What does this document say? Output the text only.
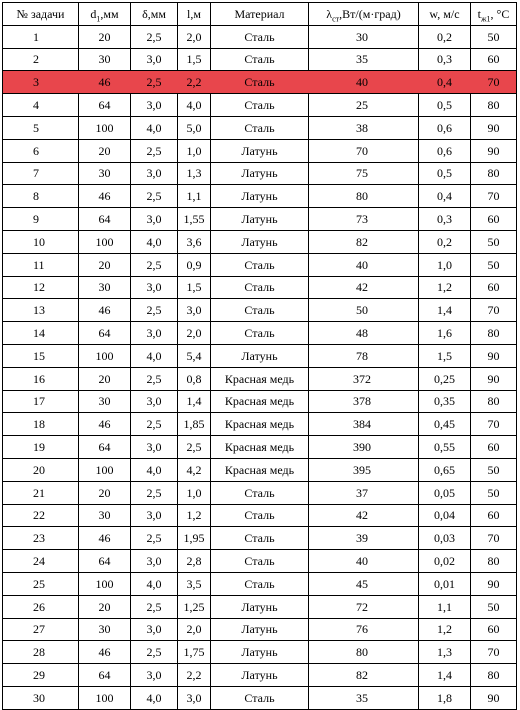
№ задачи	$d_1,мм$	δ,мм	l,м	Материал	$\lambda_{ст},Вт/(м\cdot град)$	w, м/с	$t_{ж1}$, °С
1	20	2,5	2,0	Сталь	30	0,2	50
2	30	3,0	1,5	Сталь	35	0,3	60
3	46	2,5	2,2	Сталь	40	0,4	70
4	64	3,0	4,0	Сталь	25	0,5	80
5	100	4,0	5,0	Сталь	38	0,6	90
6	20	2,5	1,0	Латунь	70	0,6	90
7	30	3,0	1,3	Латунь	75	0,5	80
8	46	2,5	1,1	Латунь	80	0,4	70
9	64	3,0	1,55	Латунь	73	0,3	60
10	100	4,0	3,6	Латунь	82	0,2	50
11	20	2,5	0,9	Сталь	40	1,0	50
12	30	3,0	1,5	Сталь	42	1,2	60
13	46	2,5	3,0	Сталь	50	1,4	70
14	64	3,0	2,0	Сталь	48	1,6	80
15	100	4,0	5,4	Латунь	78	1,5	90
16	20	2,5	0,8	Красная медь	372	0,25	90
17	30	3,0	1,4	Красная медь	378	0,35	80
18	46	2,5	1,85	Красная медь	384	0,45	70
19	64	3,0	2,5	Красная медь	390	0,55	60
20	100	4,0	4,2	Красная медь	395	0,65	50
21	20	2,5	1,0	Сталь	37	0,05	50
22	30	3,0	1,2	Сталь	42	0,04	60
23	46	2,5	1,95	Сталь	39	0,03	70
24	64	3,0	2,8	Сталь	40	0,02	80
25	100	4,0	3,5	Сталь	45	0,01	90
26	20	2,5	1,25	Латунь	72	1,1	50
27	30	3,0	2,0	Латунь	76	1,2	60
28	46	2,5	1,75	Латунь	80	1,3	70
29	64	3,0	2,2	Латунь	82	1,4	80
30	100	4,0	3,0	Сталь	35	1,8	90
